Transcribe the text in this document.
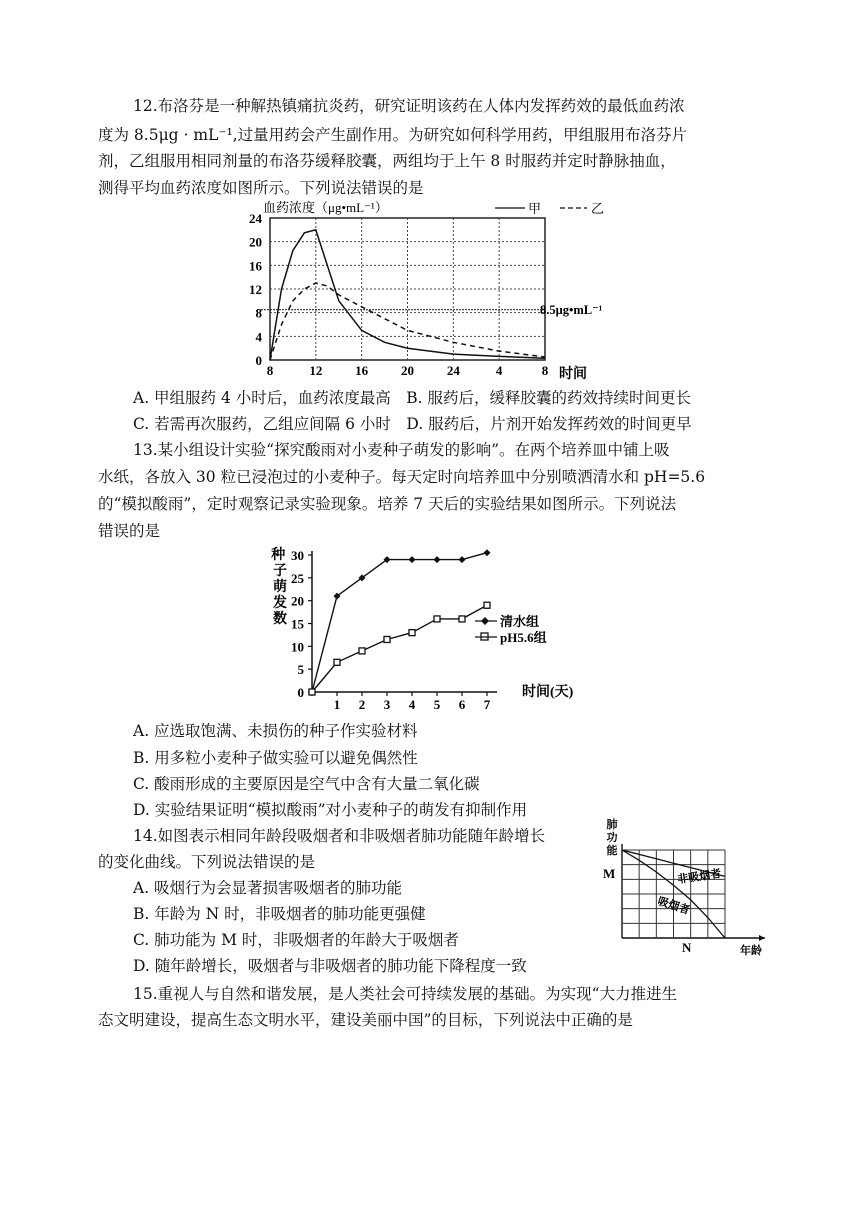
12.布洛芬是一种解热镇痛抗炎药，研究证明该药在人体内发挥药效的最低血药浓
度为 8.5μg · mL⁻¹,过量用药会产生副作用。为研究如何科学用药，甲组服用布洛芬片
剂，乙组服用相同剂量的布洛芬缓释胶囊，两组均于上午 8 时服药并定时静脉抽血，
测得平均血药浓度如图所示。下列说法错误的是
8	12	16	20	24	4	8
0
4
8
12
16
20
24
血药浓度（μg•mL⁻¹）	甲	乙
8.5μg•mL⁻¹
时间
A. 甲组服药 4 小时后，血药浓度最高　B. 服药后，缓释胶囊的药效持续时间更长
C. 若需再次服药，乙组应间隔 6 小时　D. 服药后，片剂开始发挥药效的时间更早
13.某小组设计实验“探究酸雨对小麦种子萌发的影响”。在两个培养皿中铺上吸
水纸，各放入 30 粒已浸泡过的小麦种子。每天定时向培养皿中分别喷洒清水和 pH=5.6
的“模拟酸雨”，定时观察记录实验现象。培养 7 天后的实验结果如图所示。下列说法
错误的是
种 子萌发数
0
5
10
15
20
25
30
1 2 3 4 5 6 7
清水组
pH5.6组
时间(天)
A. 应选取饱满、未损伤的种子作实验材料
B. 用多粒小麦种子做实验可以避免偶然性
C. 酸雨形成的主要原因是空气中含有大量二氧化碳
D. 实验结果证明“模拟酸雨”对小麦种子的萌发有抑制作用
14.如图表示相同年龄段吸烟者和非吸烟者肺功能随年龄增长
的变化曲线。下列说法错误的是
A. 吸烟行为会显著损害吸烟者的肺功能
B. 年龄为 N 时，非吸烟者的肺功能更强健
C. 肺功能为 M 时，非吸烟者的年龄大于吸烟者
D. 随年龄增长，吸烟者与非吸烟者的肺功能下降程度一致
肺功能
非吸烟者
吸烟者
M
N	年龄
15.重视人与自然和谐发展，是人类社会可持续发展的基础。为实现“大力推进生
态文明建设，提高生态文明水平，建设美丽中国”的目标，下列说法中正确的是
